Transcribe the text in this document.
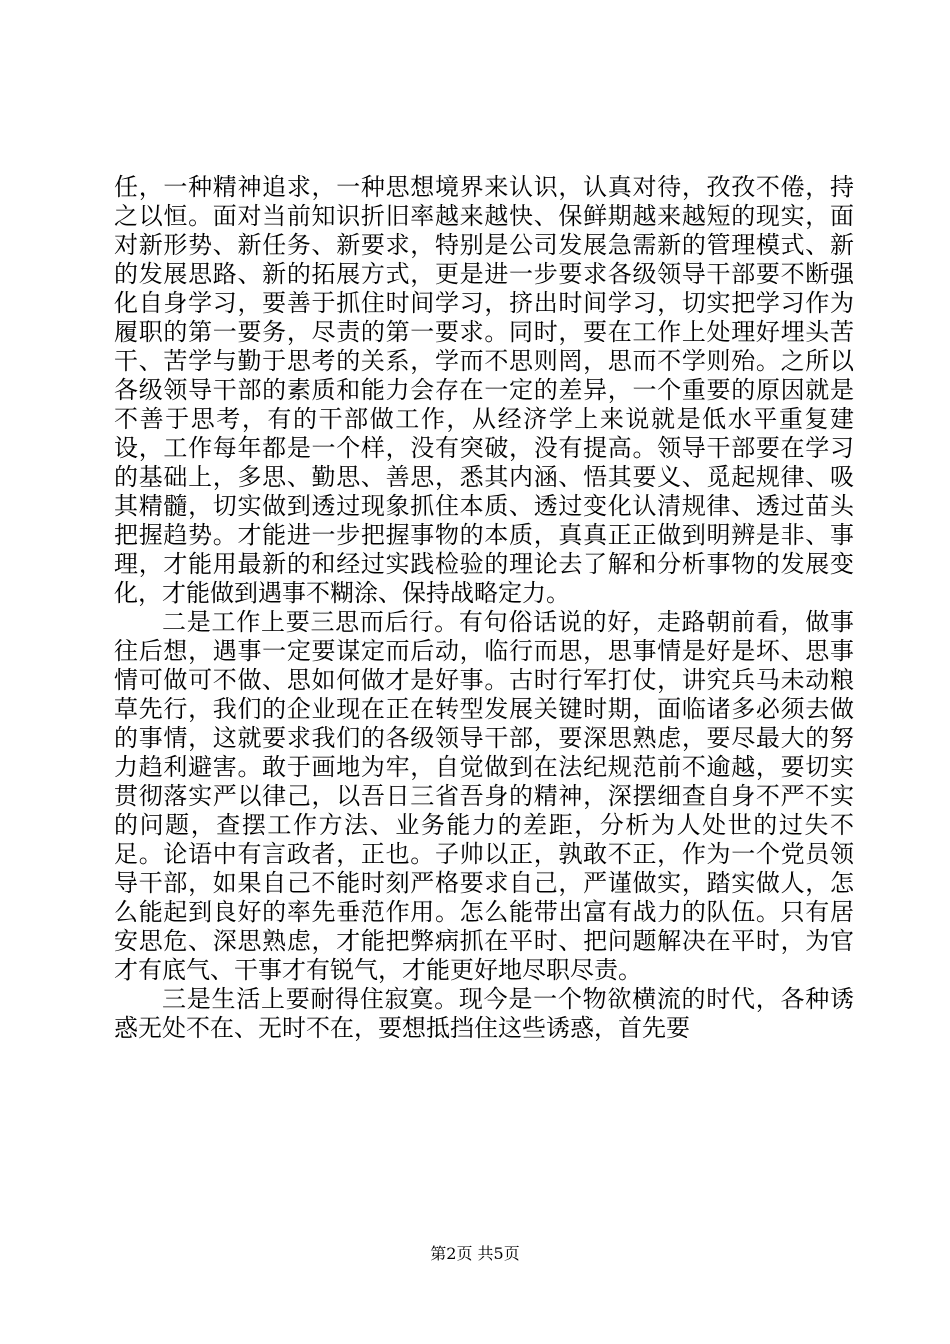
任，一种精神追求，一种思想境界来认识，认真对待，孜孜不倦，持之以恒。面对当前知识折旧率越来越快、保鲜期越来越短的现实，面对新形势、新任务、新要求，特别是公司发展急需新的管理模式、新的发展思路、新的拓展方式，更是进一步要求各级领导干部要不断强化自身学习，要善于抓住时间学习，挤出时间学习，切实把学习作为履职的第一要务，尽责的第一要求。同时，要在工作上处理好埋头苦干、苦学与勤于思考的关系，学而不思则罔，思而不学则殆。之所以各级领导干部的素质和能力会存在一定的差异，一个重要的原因就是不善于思考，有的干部做工作，从经济学上来说就是低水平重复建设，工作每年都是一个样，没有突破，没有提高。领导干部要在学习的基础上，多思、勤思、善思，悉其内涵、悟其要义、觅起规律、吸其精髓，切实做到透过现象抓住本质、透过变化认清规律、透过苗头把握趋势。才能进一步把握事物的本质，真真正正做到明辨是非、事理，才能用最新的和经过实践检验的理论去了解和分析事物的发展变化，才能做到遇事不糊涂、保持战略定力。

二是工作上要三思而后行。有句俗话说的好，走路朝前看，做事往后想，遇事一定要谋定而后动，临行而思，思事情是好是坏、思事情可做可不做、思如何做才是好事。古时行军打仗，讲究兵马未动粮草先行，我们的企业现在正在转型发展关键时期，面临诸多必须去做的事情，这就要求我们的各级领导干部，要深思熟虑，要尽最大的努力趋利避害。敢于画地为牢，自觉做到在法纪规范前不逾越，要切实贯彻落实严以律己，以吾日三省吾身的精神，深摆细查自身不严不实的问题，查摆工作方法、业务能力的差距，分析为人处世的过失不足。论语中有言政者，正也。子帅以正，孰敢不正，作为一个党员领导干部，如果自己不能时刻严格要求自己，严谨做实，踏实做人，怎么能起到良好的率先垂范作用。怎么能带出富有战力的队伍。只有居安思危、深思熟虑，才能把弊病抓在平时、把问题解决在平时，为官才有底气、干事才有锐气，才能更好地尽职尽责。

三是生活上要耐得住寂寞。现今是一个物欲横流的时代，各种诱惑无处不在、无时不在，要想抵挡住这些诱惑，首先要

第2页 共5页
